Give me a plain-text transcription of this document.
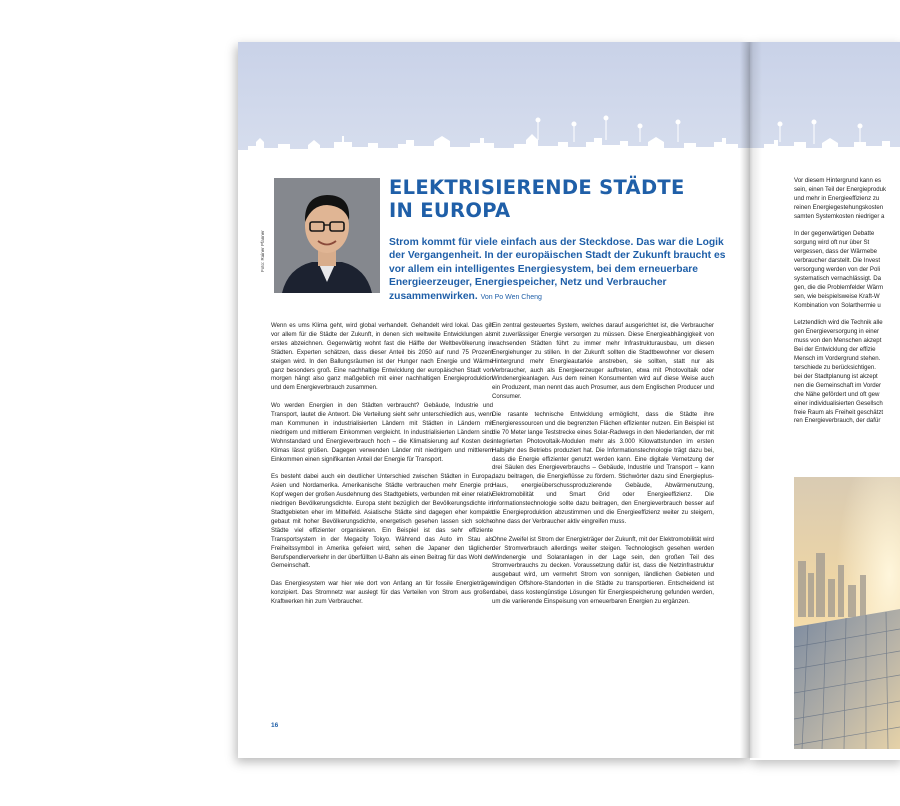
Foto: Rainer Pfanner
ELEKTRISIERENDE STÄDTE
IN EUROPA
Strom kommt für viele einfach aus der Steckdose. Das war die Logik der Vergangenheit. In der europäischen Stadt der Zukunft braucht es vor allem ein intelligentes Energiesystem, bei dem erneuerbare Energieerzeuger, Energiespeicher, Netz und Verbraucher zusammenwirken. Von Po Wen Cheng

Wenn es ums Klima geht, wird global verhandelt. Gehandelt wird lokal. Das gilt vor allem für die Städte der Zukunft, in denen sich weltweite Entwicklungen als erstes abzeichnen. Gegenwärtig wohnt fast die Hälfte der Weltbevölkerung in Städten. Experten schätzen, dass dieser Anteil bis 2050 auf rund 75 Prozent steigen wird. In den Ballungsräumen ist der Hunger nach Energie und Wärme ganz besonders groß. Eine nachhaltige Entwicklung der europäischen Stadt von morgen hängt also ganz maßgeblich mit einer nachhaltigen Energieproduktion und dem Energieverbrauch zusammen.

Wo werden Energien in den Städten verbraucht? Gebäude, Industrie und Transport, lautet die Antwort. Die Verteilung sieht sehr unterschiedlich aus, wenn man Kommunen in industrialisierten Ländern mit Städten in Ländern mit niedrigem und mittlerem Einkommen vergleicht. In industrialisierten Ländern sind Wohnstandard und Energieverbrauch hoch – die Klimatisierung auf Kosten des Klimas lässt grüßen. Dagegen verwenden Länder mit niedrigem und mittlerem Einkommen einen signifikanten Anteil der Energie für Transport.

Es besteht dabei auch ein deutlicher Unterschied zwischen Städten in Europa, Asien und Nordamerika. Amerikanische Städte verbrauchen mehr Energie pro Kopf wegen der großen Ausdehnung des Stadtgebiets, verbunden mit einer relativ niedrigen Bevölkerungsdichte. Europa steht bezüglich der Bevölkerungsdichte in Stadtgebieten eher im Mittelfeld. Asiatische Städte sind dagegen eher kompakt gebaut mit hoher Bevölkerungsdichte, energetisch gesehen lassen sich solche Städte viel effizienter organisieren. Ein Beispiel ist das sehr effiziente Transportsystem in der Megacity Tokyo. Während das Auto im Stau als Freiheitssymbol in Amerika gefeiert wird, sehen die Japaner den täglichen Berufspendlerverkehr in der überfüllten U-Bahn als einen Beitrag für das Wohl der Gemeinschaft.

Das Energiesystem war hier wie dort von Anfang an für fossile Energieträger konzipiert. Das Stromnetz war auslegt für das Verteilen von Strom aus großen Kraftwerken hin zum Verbraucher.

Ein zentral gesteuertes System, welches darauf ausgerichtet ist, die Verbraucher mit zuverlässiger Energie versorgen zu müssen. Diese Energieabhängigkeit von wachsenden Städten führt zu immer mehr Infrastrukturausbau, um diesen Energiehunger zu stillen. In der Zukunft sollten die Stadtbewohner vor diesem Hintergrund mehr Energieautarkie anstreben, sie sollten, statt nur als Verbraucher, auch als Energieerzeuger auftreten, etwa mit Photovoltaik oder Windenergieanlagen. Aus dem reinen Konsumenten wird auf diese Weise auch ein Produzent, man nennt das auch Prosumer, aus dem Englischen Producer und Consumer.

Die rasante technische Entwicklung ermöglicht, dass die Städte ihre Energieressourcen und die begrenzten Flächen effizienter nutzen. Ein Beispiel ist die 70 Meter lange Teststrecke eines Solar-Radwegs in den Niederlanden, der mit integrierten Photovoltaik-Modulen mehr als 3.000 Kilowattstunden im ersten Halbjahr des Betriebs produziert hat. Die Informationstechnologie trägt dazu bei, dass die Energie effizienter genutzt werden kann. Eine digitale Vernetzung der drei Säulen des Energieverbrauchs – Gebäude, Industrie und Transport – kann dazu beitragen, die Energieflüsse zu fördern. Stichwörter dazu sind Energieplus-Haus, energieüberschussproduzierende Gebäude, Abwärmenutzung, Elektromobilität und Smart Grid oder Energieeffizienz. Die Informationstechnologie sollte dazu beitragen, den Energieverbrauch besser auf die Energieproduktion abzustimmen und die Energieeffizienz weiter zu steigern, ohne dass der Verbraucher aktiv eingreifen muss.

Ohne Zweifel ist Strom der Energieträger der Zukunft, mit der Elektromobilität wird der Stromverbrauch allerdings weiter steigen. Technologisch gesehen werden Windenergie und Solaranlagen in der Lage sein, den großen Teil des Stromverbrauchs zu decken. Voraussetzung dafür ist, dass die Netzinfrastruktur ausgebaut wird, um vermehrt Strom von sonnigen, ländlichen Gebieten und windigen Offshore-Standorten in die Städte zu transportieren. Entscheidend ist dabei, dass kostengünstige Lösungen für Energiespeicherung gefunden werden, um die variierende Einspeisung von erneuerbaren Energien zu ergänzen.

16

Vor diesem Hintergrund kann es
sein, einen Teil der Energieproduk
und mehr in Energieeffizienz zu
reinen Energiegestehungskosten
samten Systemkosten niedriger a

In der gegenwärtigen Debatte
sorgung wird oft nur über St
vergessen, dass der Wärmebe
verbraucher darstellt. Die Invest
versorgung werden von der Poli
systematisch vernachlässigt. Da
gen, die die Problemfelder Wärm
sen, wie beispielsweise Kraft-W
Kombination von Solarthermie u

Letztendlich wird die Technik alle
gen Energieversorgung in einer
muss von den Menschen akzept
Bei der Entwicklung der effizie
Mensch im Vordergrund stehen.
terschiede zu berücksichtigen.
bei der Stadtplanung ist akzept
nen die Gemeinschaft im Vorder
che Nähe gefördert und oft gew
einer individualisierten Gesellsch
freie Raum als Freiheit geschätzt
ren Energieverbrauch, der dafür
